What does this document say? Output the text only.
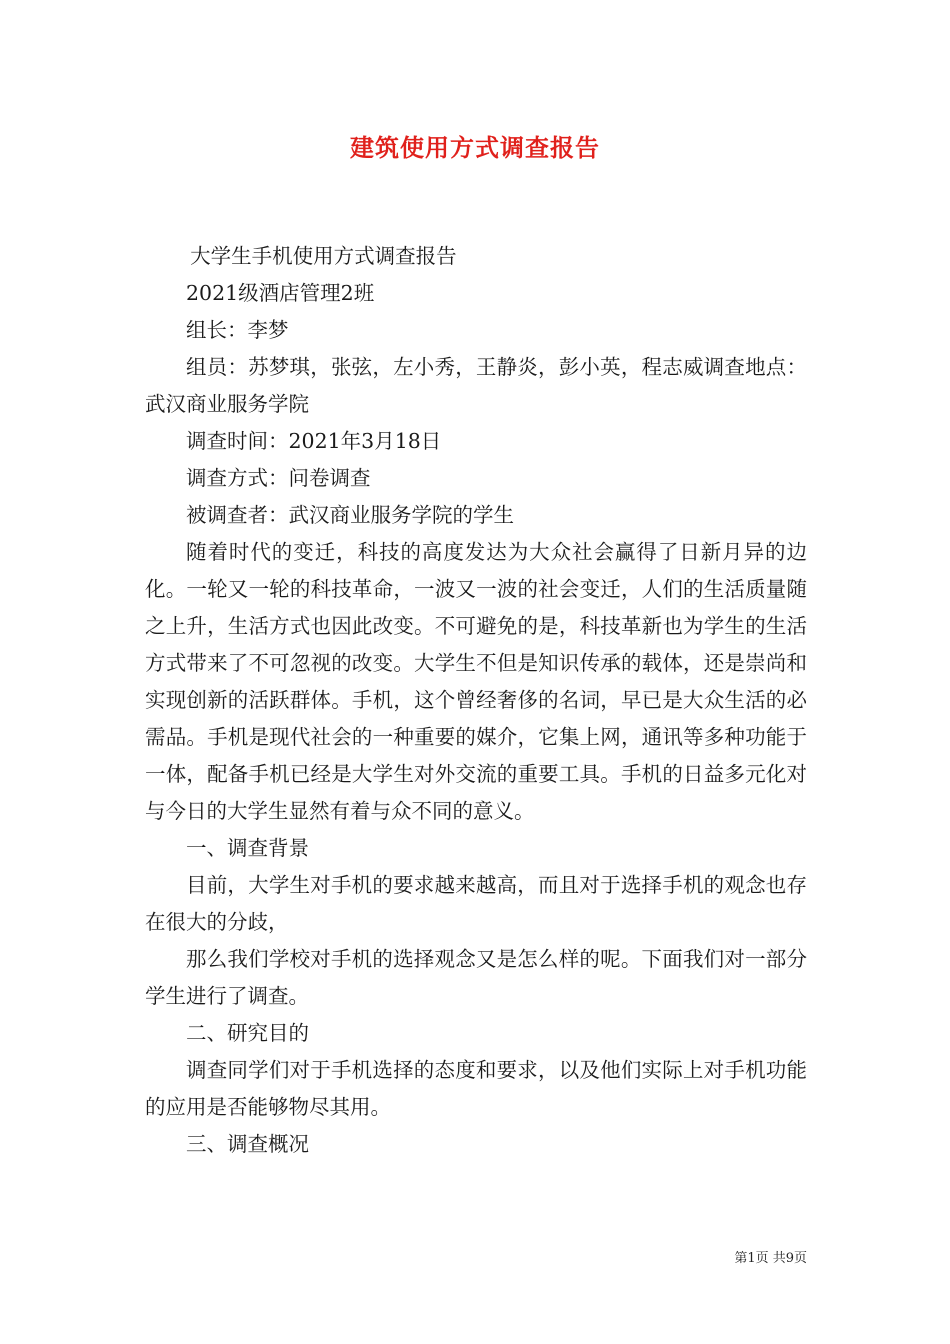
建筑使用方式调查报告

大学生手机使用方式调查报告

2021级酒店管理2班

组长：李梦

组员：苏梦琪，张弦，左小秀，王静炎，彭小英，程志威调查地点：武汉商业服务学院

调查时间：2021年3月18日

调查方式：问卷调查

被调查者：武汉商业服务学院的学生

随着时代的变迁，科技的高度发达为大众社会赢得了日新月异的边化。一轮又一轮的科技革命，一波又一波的社会变迁，人们的生活质量随之上升，生活方式也因此改变。不可避免的是，科技革新也为学生的生活方式带来了不可忽视的改变。大学生不但是知识传承的载体，还是崇尚和实现创新的活跃群体。手机，这个曾经奢侈的名词，早已是大众生活的必需品。手机是现代社会的一种重要的媒介，它集上网，通讯等多种功能于一体，配备手机已经是大学生对外交流的重要工具。手机的日益多元化对与今日的大学生显然有着与众不同的意义。

一、调查背景

目前，大学生对手机的要求越来越高，而且对于选择手机的观念也存在很大的分歧，

那么我们学校对手机的选择观念又是怎么样的呢。下面我们对一部分学生进行了调查。

二、研究目的

调查同学们对于手机选择的态度和要求，以及他们实际上对手机功能的应用是否能够物尽其用。

三、调查概况

第1页 共9页
